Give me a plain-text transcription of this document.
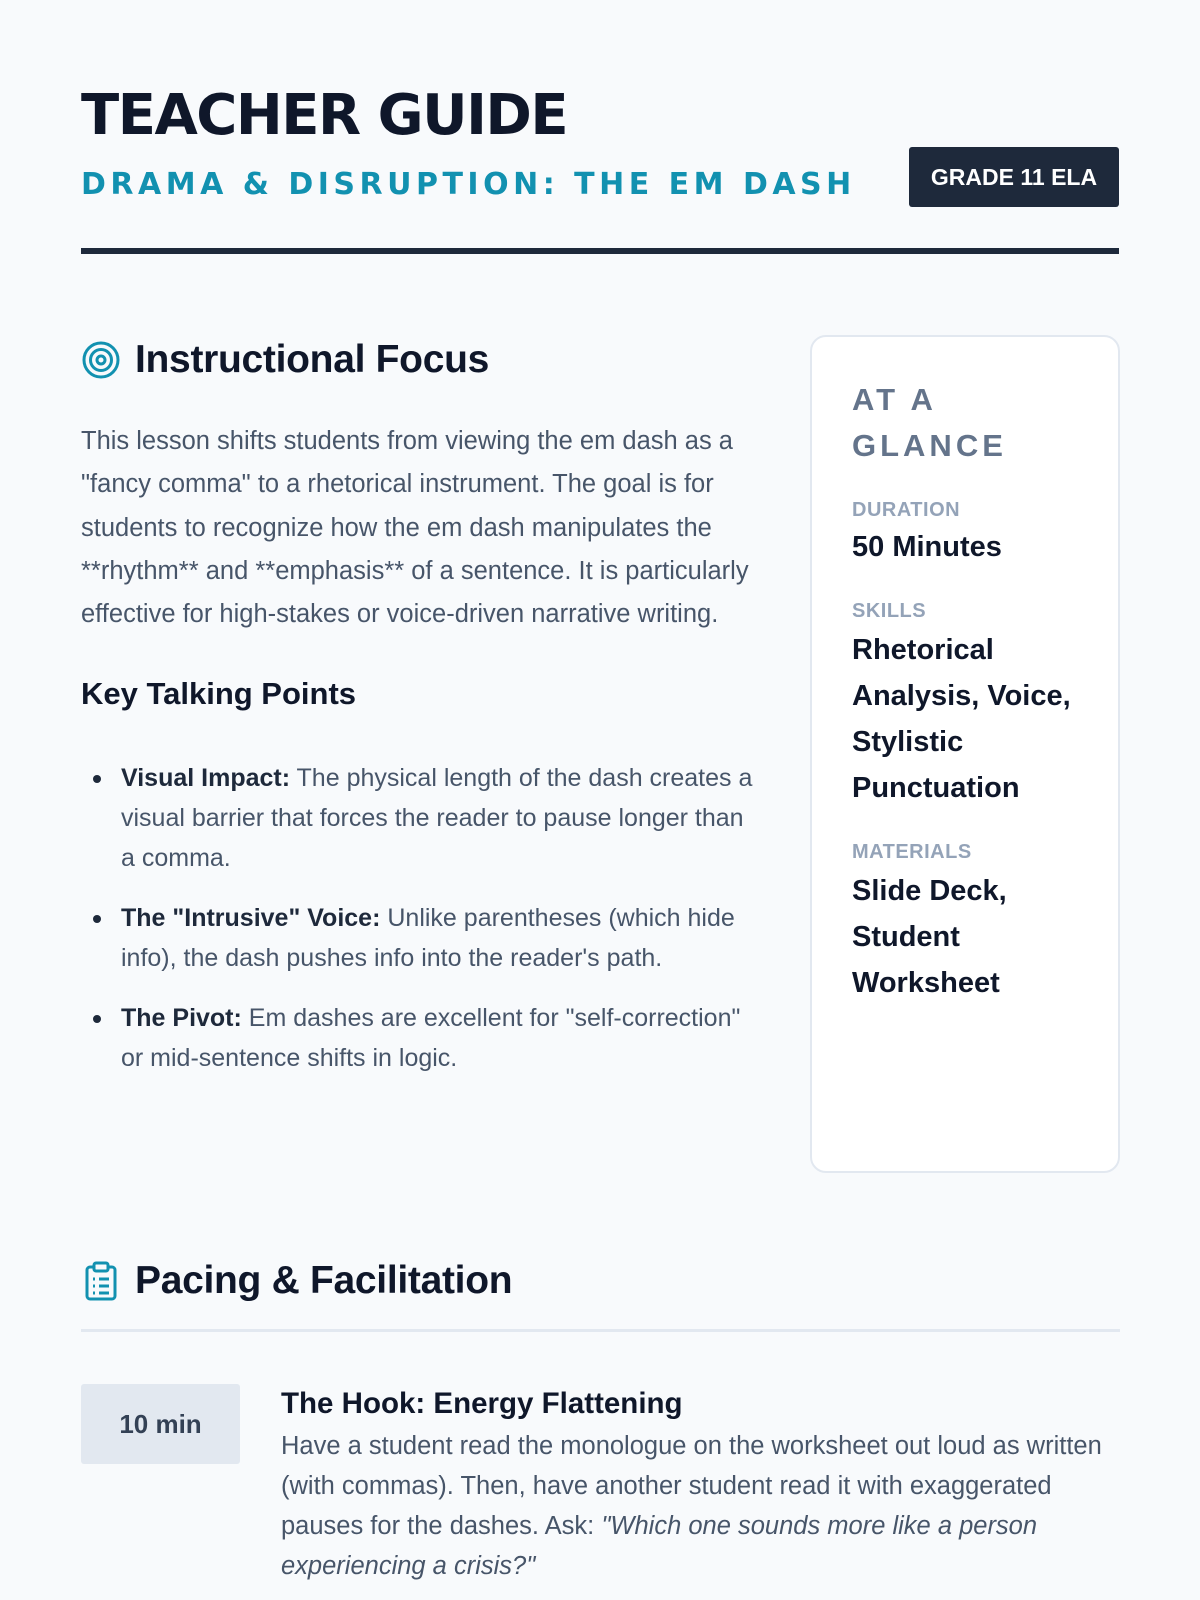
TEACHER GUIDE
DRAMA & DISRUPTION: THE EM DASH	GRADE 11 ELA
Instructional Focus

This lesson shifts students from viewing the em dash as a "fancy comma" to a rhetorical instrument. The goal is for students to recognize how the em dash manipulates the **rhythm** and **emphasis** of a sentence. It is particularly effective for high-stakes or voice-driven narrative writing.

Key Talking Points
Visual Impact: The physical length of the dash creates a visual barrier that forces the reader to pause longer than a comma.
The "Intrusive" Voice: Unlike parentheses (which hide info), the dash pushes info into the reader's path.
The Pivot: Em dashes are excellent for "self-correction" or mid-sentence shifts in logic.
AT A GLANCE
DURATION
50 Minutes
SKILLS
Rhetorical Analysis, Voice, Stylistic Punctuation
MATERIALS
Slide Deck, Student Worksheet
Pacing & Facilitation
10 min
The Hook: Energy Flattening

Have a student read the monologue on the worksheet out loud as written (with commas). Then, have another student read it with exaggerated pauses for the dashes. Ask: "Which one sounds more like a person experiencing a crisis?"
